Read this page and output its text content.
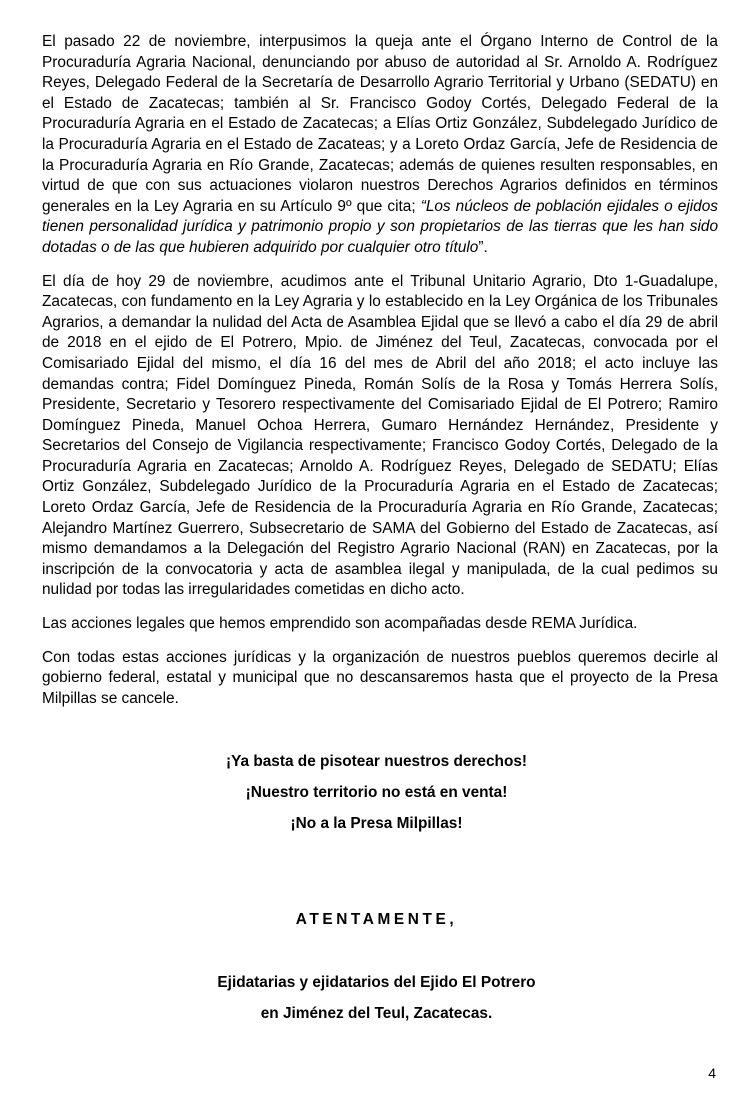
El pasado 22 de noviembre, interpusimos la queja ante el Órgano Interno de Control de la Procuraduría Agraria Nacional, denunciando por abuso de autoridad al Sr. Arnoldo A. Rodríguez Reyes, Delegado Federal de la Secretaría de Desarrollo Agrario Territorial y Urbano (SEDATU) en el Estado de Zacatecas; también al Sr. Francisco Godoy Cortés, Delegado Federal de la Procuraduría Agraria en el Estado de Zacatecas; a Elías Ortiz González, Subdelegado Jurídico de la Procuraduría Agraria en el Estado de Zacateas; y a Loreto Ordaz García, Jefe de Residencia de la Procuraduría Agraria en Río Grande, Zacatecas; además de quienes resulten responsables, en virtud de que con sus actuaciones violaron nuestros Derechos Agrarios definidos en términos generales en la Ley Agraria en su Artículo 9º que cita; “Los núcleos de población ejidales o ejidos tienen personalidad jurídica y patrimonio propio y son propietarios de las tierras que les han sido dotadas o de las que hubieren adquirido por cualquier otro título”.

El día de hoy 29 de noviembre, acudimos ante el Tribunal Unitario Agrario, Dto 1-Guadalupe, Zacatecas, con fundamento en la Ley Agraria y lo establecido en la Ley Orgánica de los Tribunales Agrarios, a demandar la nulidad del Acta de Asamblea Ejidal que se llevó a cabo el día 29 de abril de 2018 en el ejido de El Potrero, Mpio. de Jiménez del Teul, Zacatecas, convocada por el Comisariado Ejidal del mismo, el día 16 del mes de Abril del año 2018; el acto incluye las demandas contra; Fidel Domínguez Pineda, Román Solís de la Rosa y Tomás Herrera Solís, Presidente, Secretario y Tesorero respectivamente del Comisariado Ejidal de El Potrero; Ramiro Domínguez Pineda, Manuel Ochoa Herrera, Gumaro Hernández Hernández, Presidente y Secretarios del Consejo de Vigilancia respectivamente; Francisco Godoy Cortés, Delegado de la Procuraduría Agraria en Zacatecas; Arnoldo A. Rodríguez Reyes, Delegado de SEDATU; Elías Ortiz González, Subdelegado Jurídico de la Procuraduría Agraria en el Estado de Zacatecas; Loreto Ordaz García, Jefe de Residencia de la Procuraduría Agraria en Río Grande, Zacatecas; Alejandro Martínez Guerrero, Subsecretario de SAMA del Gobierno del Estado de Zacatecas, así mismo demandamos a la Delegación del Registro Agrario Nacional (RAN) en Zacatecas, por la inscripción de la convocatoria y acta de asamblea ilegal y manipulada, de la cual pedimos su nulidad por todas las irregularidades cometidas en dicho acto.

Las acciones legales que hemos emprendido son acompañadas desde REMA Jurídica.

Con todas estas acciones jurídicas y la organización de nuestros pueblos queremos decirle al gobierno federal, estatal y municipal que no descansaremos hasta que el proyecto de la Presa Milpillas se cancele.

¡Ya basta de pisotear nuestros derechos!
¡Nuestro territorio no está en venta!
¡No a la Presa Milpillas!
ATENTAMENTE,
Ejidatarias y ejidatarios del Ejido El Potrero
en Jiménez del Teul, Zacatecas.
4
